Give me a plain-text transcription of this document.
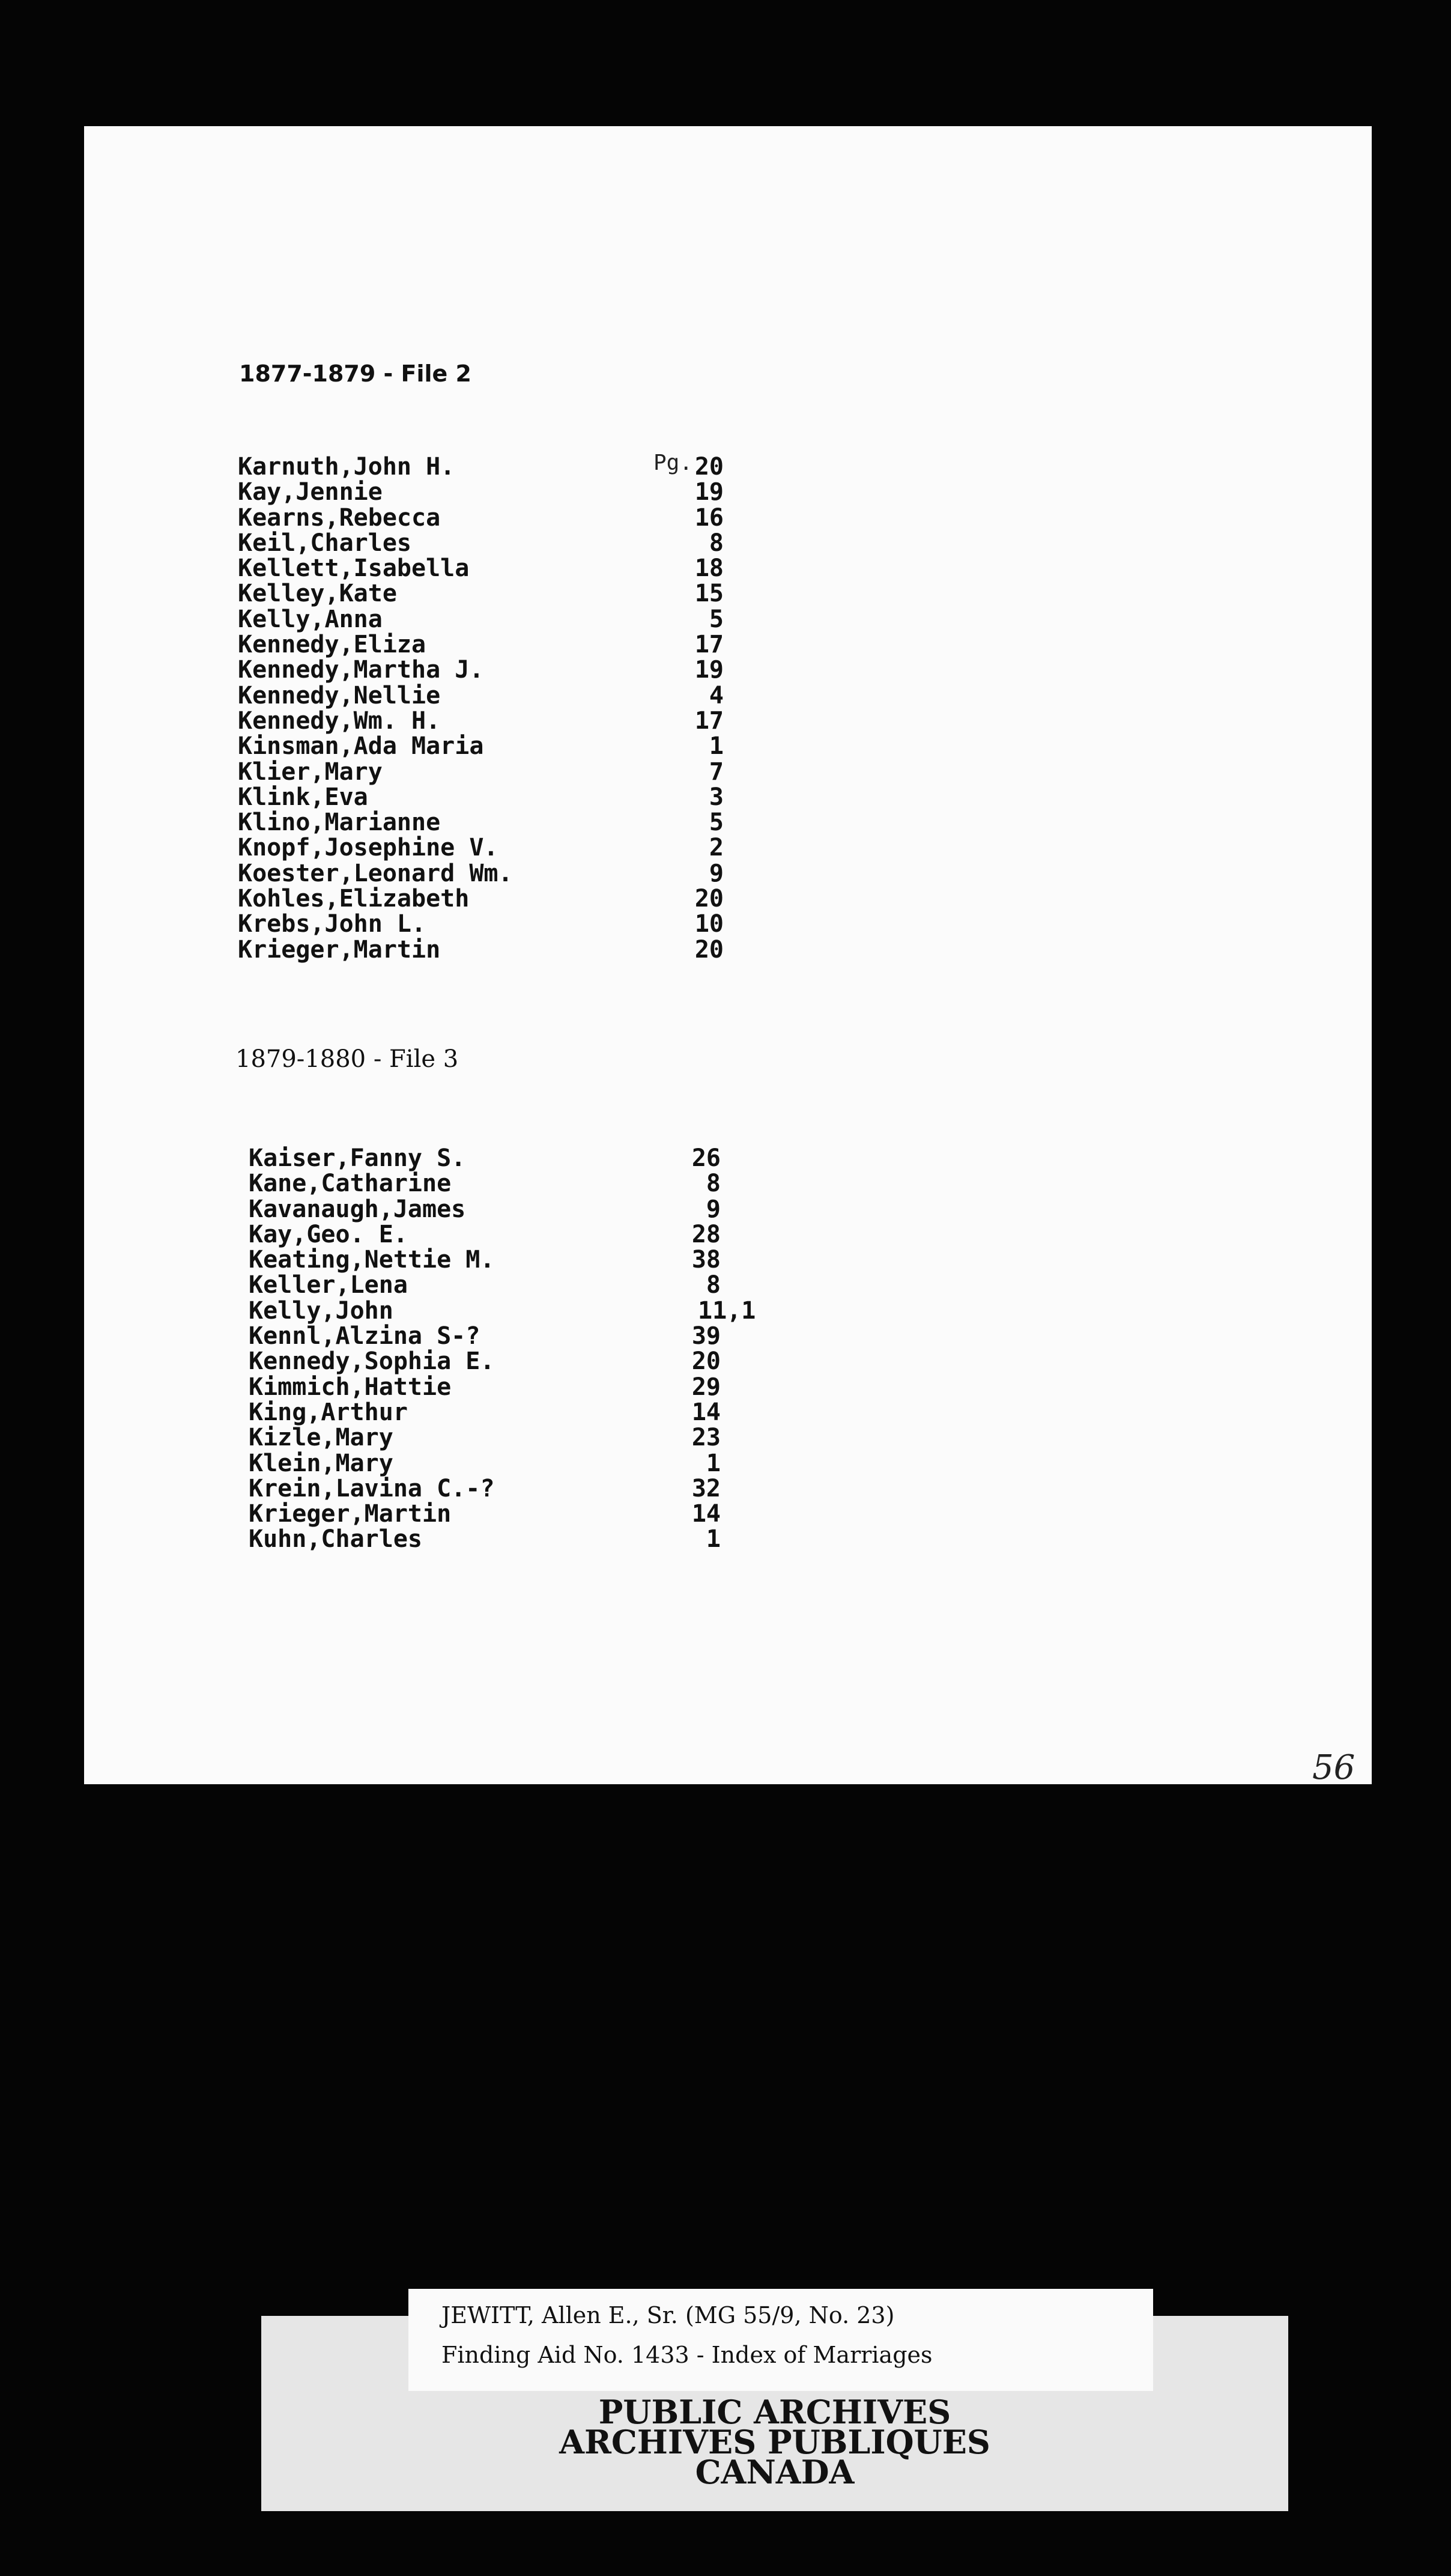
1877-1879 - File 2
Pg.
Karnuth,John H.	20
Kay,Jennie	19
Kearns,Rebecca	16
Keil,Charles	8
Kellett,Isabella	18
Kelley,Kate	15
Kelly,Anna	5
Kennedy,Eliza	17
Kennedy,Martha J.	19
Kennedy,Nellie	4
Kennedy,Wm. H.	17
Kinsman,Ada Maria	1
Klier,Mary	7
Klink,Eva	3
Klino,Marianne	5
Knopf,Josephine V.	2
Koester,Leonard Wm.	9
Kohles,Elizabeth	20
Krebs,John L.	10
Krieger,Martin	20
1879-1880 - File 3
Kaiser,Fanny S.	26
Kane,Catharine	8
Kavanaugh,James	9
Kay,Geo. E.	28
Keating,Nettie M.	38
Keller,Lena	8
Kelly,John	11,1
Kennl,Alzina S-?	39
Kennedy,Sophia E.	20
Kimmich,Hattie	29
King,Arthur	14
Kizle,Mary	23
Klein,Mary	1
Krein,Lavina C.-?	32
Krieger,Martin	14
Kuhn,Charles	1
56
JEWITT, Allen E., Sr. (MG 55/9, No. 23)
Finding Aid No. 1433 - Index of Marriages
PUBLIC ARCHIVES
ARCHIVES PUBLIQUES
CANADA
